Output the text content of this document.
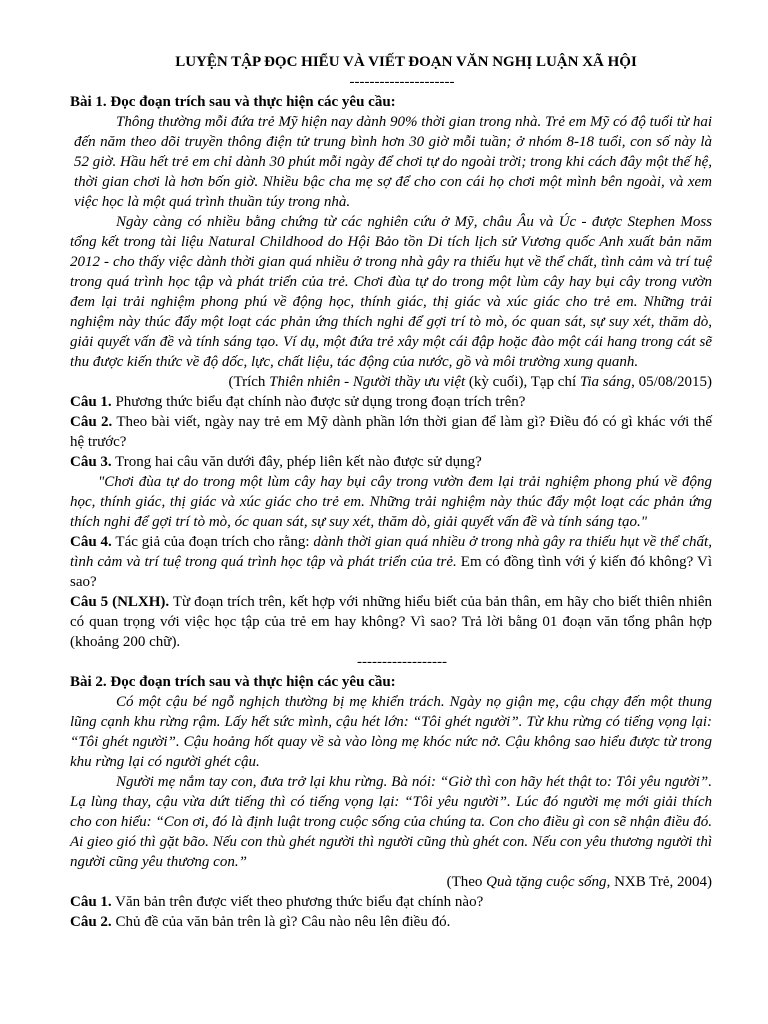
LUYỆN TẬP ĐỌC HIỂU VÀ VIẾT ĐOẠN VĂN NGHỊ LUẬN XÃ HỘI

---------------------

Bài 1. Đọc đoạn trích sau và thực hiện các yêu cầu:

Thông thường mỗi đứa trẻ Mỹ hiện nay dành 90% thời gian trong nhà. Trẻ em Mỹ có độ tuổi từ hai đến năm theo dõi truyền thông điện tử trung bình hơn 30 giờ mỗi tuần; ở nhóm 8-18 tuổi, con số này là 52 giờ. Hầu hết trẻ em chỉ dành 30 phút mỗi ngày để chơi tự do ngoài trời; trong khi cách đây một thế hệ, thời gian chơi là hơn bốn giờ. Nhiều bậc cha mẹ sợ để cho con cái họ chơi một mình bên ngoài, và xem việc học là một quá trình thuần túy trong nhà.

Ngày càng có nhiều bằng chứng từ các nghiên cứu ở Mỹ, châu Âu và Úc - được Stephen Moss tổng kết trong tài liệu Natural Childhood do Hội Bảo tồn Di tích lịch sử Vương quốc Anh xuất bản năm 2012 - cho thấy việc dành thời gian quá nhiều ở trong nhà gây ra thiếu hụt về thể chất, tình cảm và trí tuệ trong quá trình học tập và phát triển của trẻ. Chơi đùa tự do trong một lùm cây hay bụi cây trong vườn đem lại trải nghiệm phong phú về động học, thính giác, thị giác và xúc giác cho trẻ em. Những trải nghiệm này thúc đẩy một loạt các phản ứng thích nghi để gợi trí tò mò, óc quan sát, sự suy xét, thăm dò, giải quyết vấn đề và tính sáng tạo. Ví dụ, một đứa trẻ xây một cái đập hoặc đào một cái hang trong cát sẽ thu được kiến thức về độ dốc, lực, chất liệu, tác động của nước, gồ và môi trường xung quanh.

(Trích Thiên nhiên - Người thầy ưu việt (kỳ cuối), Tạp chí Tia sáng, 05/08/2015)

Câu 1. Phương thức biểu đạt chính nào được sử dụng trong đoạn trích trên?

Câu 2. Theo bài viết, ngày nay trẻ em Mỹ dành phần lớn thời gian để làm gì? Điều đó có gì khác với thế hệ trước?

Câu 3. Trong hai câu văn dưới đây, phép liên kết nào được sử dụng?

"Chơi đùa tự do trong một lùm cây hay bụi cây trong vườn đem lại trải nghiệm phong phú về động học, thính giác, thị giác và xúc giác cho trẻ em. Những trải nghiệm này thúc đẩy một loạt các phản ứng thích nghi để gợi trí tò mò, óc quan sát, sự suy xét, thăm dò, giải quyết vấn đề và tính sáng tạo."

Câu 4. Tác giả của đoạn trích cho rằng: dành thời gian quá nhiều ở trong nhà gây ra thiếu hụt về thể chất, tình cảm và trí tuệ trong quá trình học tập và phát triển của trẻ. Em có đồng tình với ý kiến đó không? Vì sao?

Câu 5 (NLXH). Từ đoạn trích trên, kết hợp với những hiểu biết của bản thân, em hãy cho biết thiên nhiên có quan trọng với việc học tập của trẻ em hay không? Vì sao? Trả lời bằng 01 đoạn văn tổng phân hợp (khoảng 200 chữ).

------------------

Bài 2. Đọc đoạn trích sau và thực hiện các yêu cầu:

Có một cậu bé ngỗ nghịch thường bị mẹ khiển trách. Ngày nọ giận mẹ, cậu chạy đến một thung lũng cạnh khu rừng rậm. Lấy hết sức mình, cậu hét lớn: “Tôi ghét người”. Từ khu rừng có tiếng vọng lại: “Tôi ghét người”. Cậu hoảng hốt quay về sà vào lòng mẹ khóc nức nở. Cậu không sao hiểu được từ trong khu rừng lại có người ghét cậu.

Người mẹ nắm tay con, đưa trở lại khu rừng. Bà nói: “Giờ thì con hãy hét thật to: Tôi yêu người”. Lạ lùng thay, cậu vừa dứt tiếng thì có tiếng vọng lại: “Tôi yêu người”. Lúc đó người mẹ mới giải thích cho con hiểu: “Con ơi, đó là định luật trong cuộc sống của chúng ta. Con cho điều gì con sẽ nhận điều đó. Ai gieo gió thì gặt bão. Nếu con thù ghét người thì người cũng thù ghét con. Nếu con yêu thương người thì người cũng yêu thương con.”

(Theo Quà tặng cuộc sống, NXB Trẻ, 2004)

Câu 1. Văn bản trên được viết theo phương thức biểu đạt chính nào?

Câu 2. Chủ đề của văn bản trên là gì? Câu nào nêu lên điều đó.
